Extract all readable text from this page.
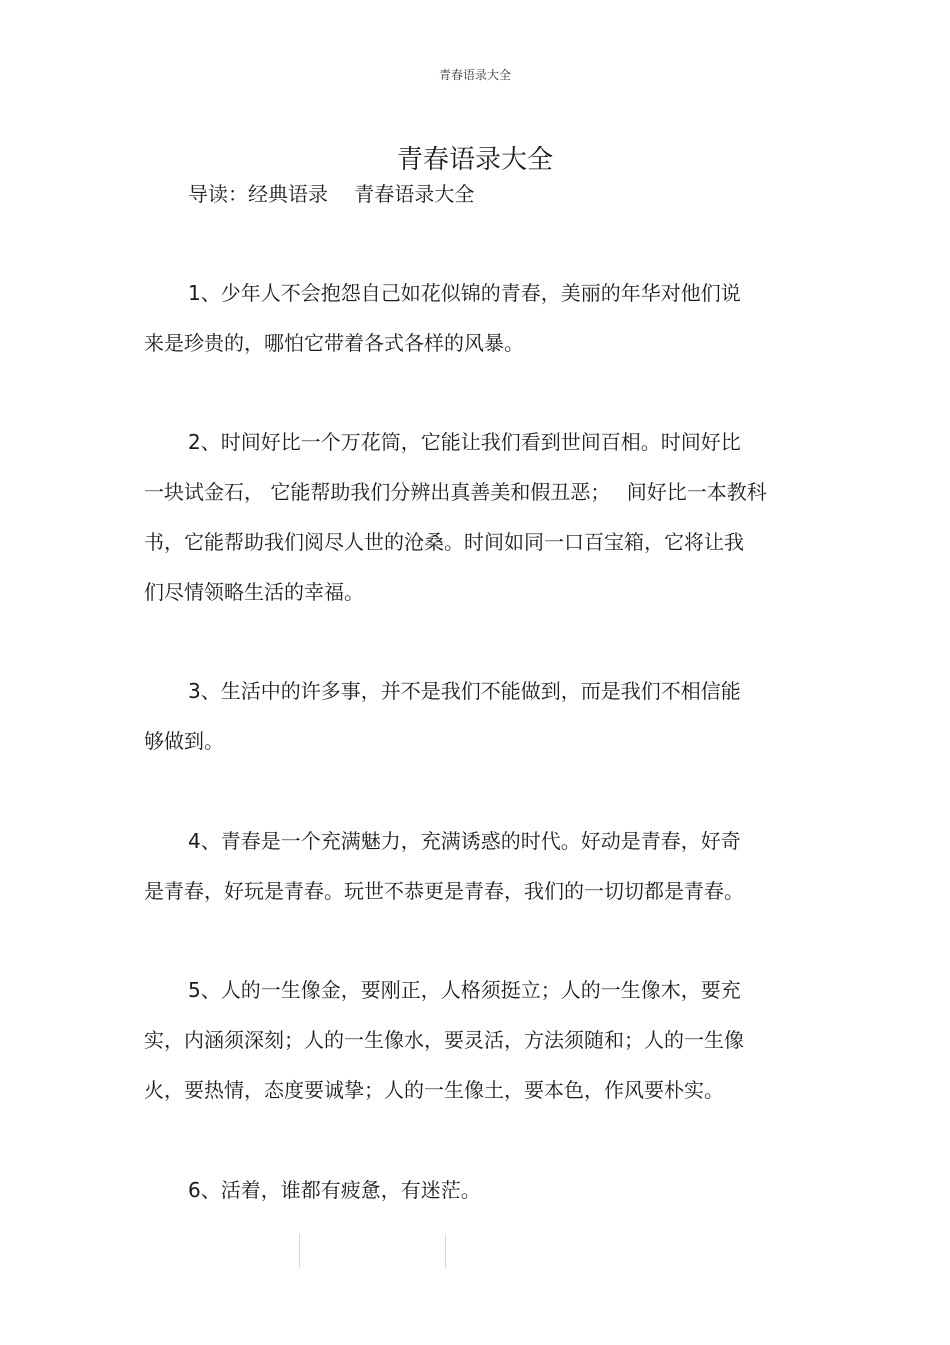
青春语录大全
青春语录大全
导读：经典语录　 青春语录大全
1、少年人不会抱怨自己如花似锦的青春，美丽的年华对他们说
来是珍贵的，哪怕它带着各式各样的风暴。
2、时间好比一个万花筒，它能让我们看到世间百相。时间好比
一块试金石， 它能帮助我们分辨出真善美和假丑恶；　 间好比一本教科
书，它能帮助我们阅尽人世的沧桑。时间如同一口百宝箱，它将让我
们尽情领略生活的幸福。
3、生活中的许多事，并不是我们不能做到，而是我们不相信能
够做到。
4、青春是一个充满魅力，充满诱惑的时代。好动是青春，好奇
是青春，好玩是青春。玩世不恭更是青春，我们的一切切都是青春。
5、人的一生像金，要刚正，人格须挺立；人的一生像木，要充
实，内涵须深刻；人的一生像水，要灵活，方法须随和；人的一生像
火，要热情，态度要诚挚；人的一生像土，要本色，作风要朴实。
6、活着，谁都有疲惫，有迷茫。
